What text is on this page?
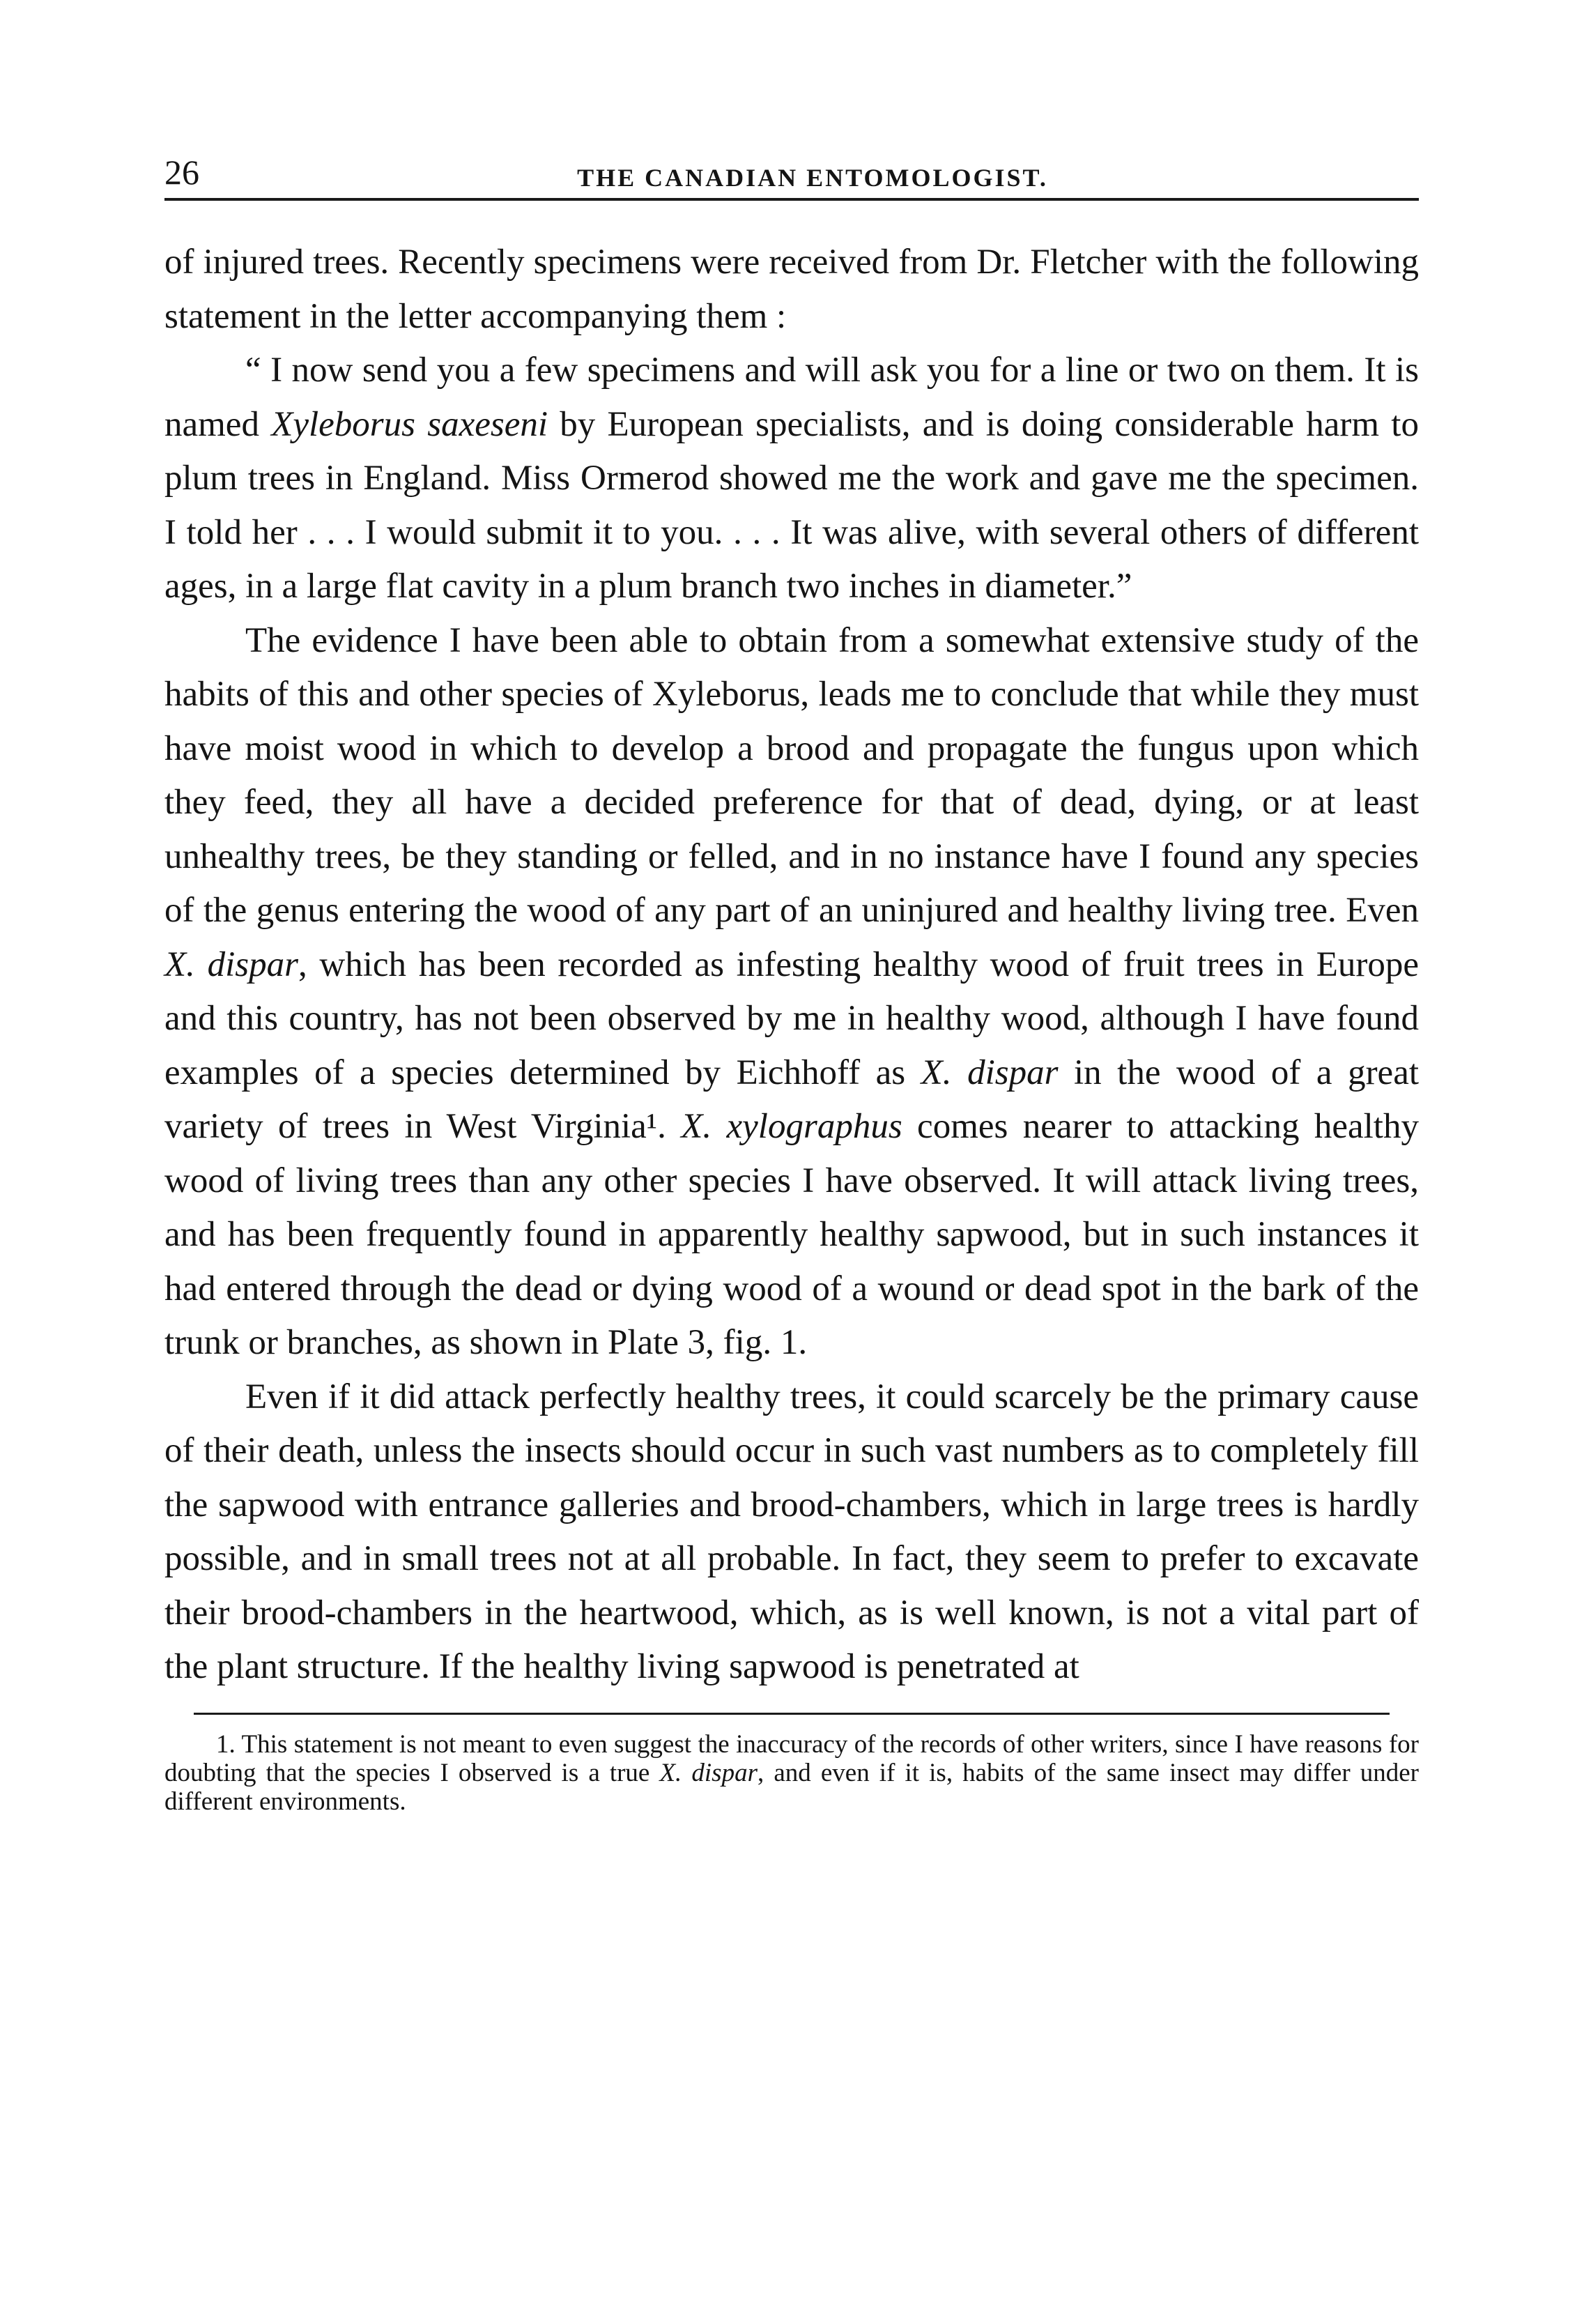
26	THE CANADIAN ENTOMOLOGIST.

of injured trees. Recently specimens were received from Dr. Fletcher with the following statement in the letter accompanying them :

“ I now send you a few specimens and will ask you for a line or two on them. It is named Xyleborus saxeseni by European specialists, and is doing considerable harm to plum trees in England. Miss Ormerod showed me the work and gave me the specimen. I told her . . . I would submit it to you. . . . It was alive, with several others of different ages, in a large flat cavity in a plum branch two inches in diameter.”

The evidence I have been able to obtain from a somewhat extensive study of the habits of this and other species of Xyleborus, leads me to conclude that while they must have moist wood in which to develop a brood and propagate the fungus upon which they feed, they all have a decided preference for that of dead, dying, or at least unhealthy trees, be they standing or felled, and in no instance have I found any species of the genus entering the wood of any part of an uninjured and healthy living tree. Even X. dispar, which has been recorded as infesting healthy wood of fruit trees in Europe and this country, has not been observed by me in healthy wood, although I have found examples of a species determined by Eichhoff as X. dispar in the wood of a great variety of trees in West Virginia¹. X. xylographus comes nearer to attacking healthy wood of living trees than any other species I have observed. It will attack living trees, and has been frequently found in apparently healthy sapwood, but in such instances it had entered through the dead or dying wood of a wound or dead spot in the bark of the trunk or branches, as shown in Plate 3, fig. 1.

Even if it did attack perfectly healthy trees, it could scarcely be the primary cause of their death, unless the insects should occur in such vast numbers as to completely fill the sapwood with entrance galleries and brood-chambers, which in large trees is hardly possible, and in small trees not at all probable. In fact, they seem to prefer to excavate their brood-chambers in the heartwood, which, as is well known, is not a vital part of the plant structure. If the healthy living sapwood is penetrated at

1. This statement is not meant to even suggest the inaccuracy of the records of other writers, since I have reasons for doubting that the species I observed is a true X. dispar, and even if it is, habits of the same insect may differ under different environments.
